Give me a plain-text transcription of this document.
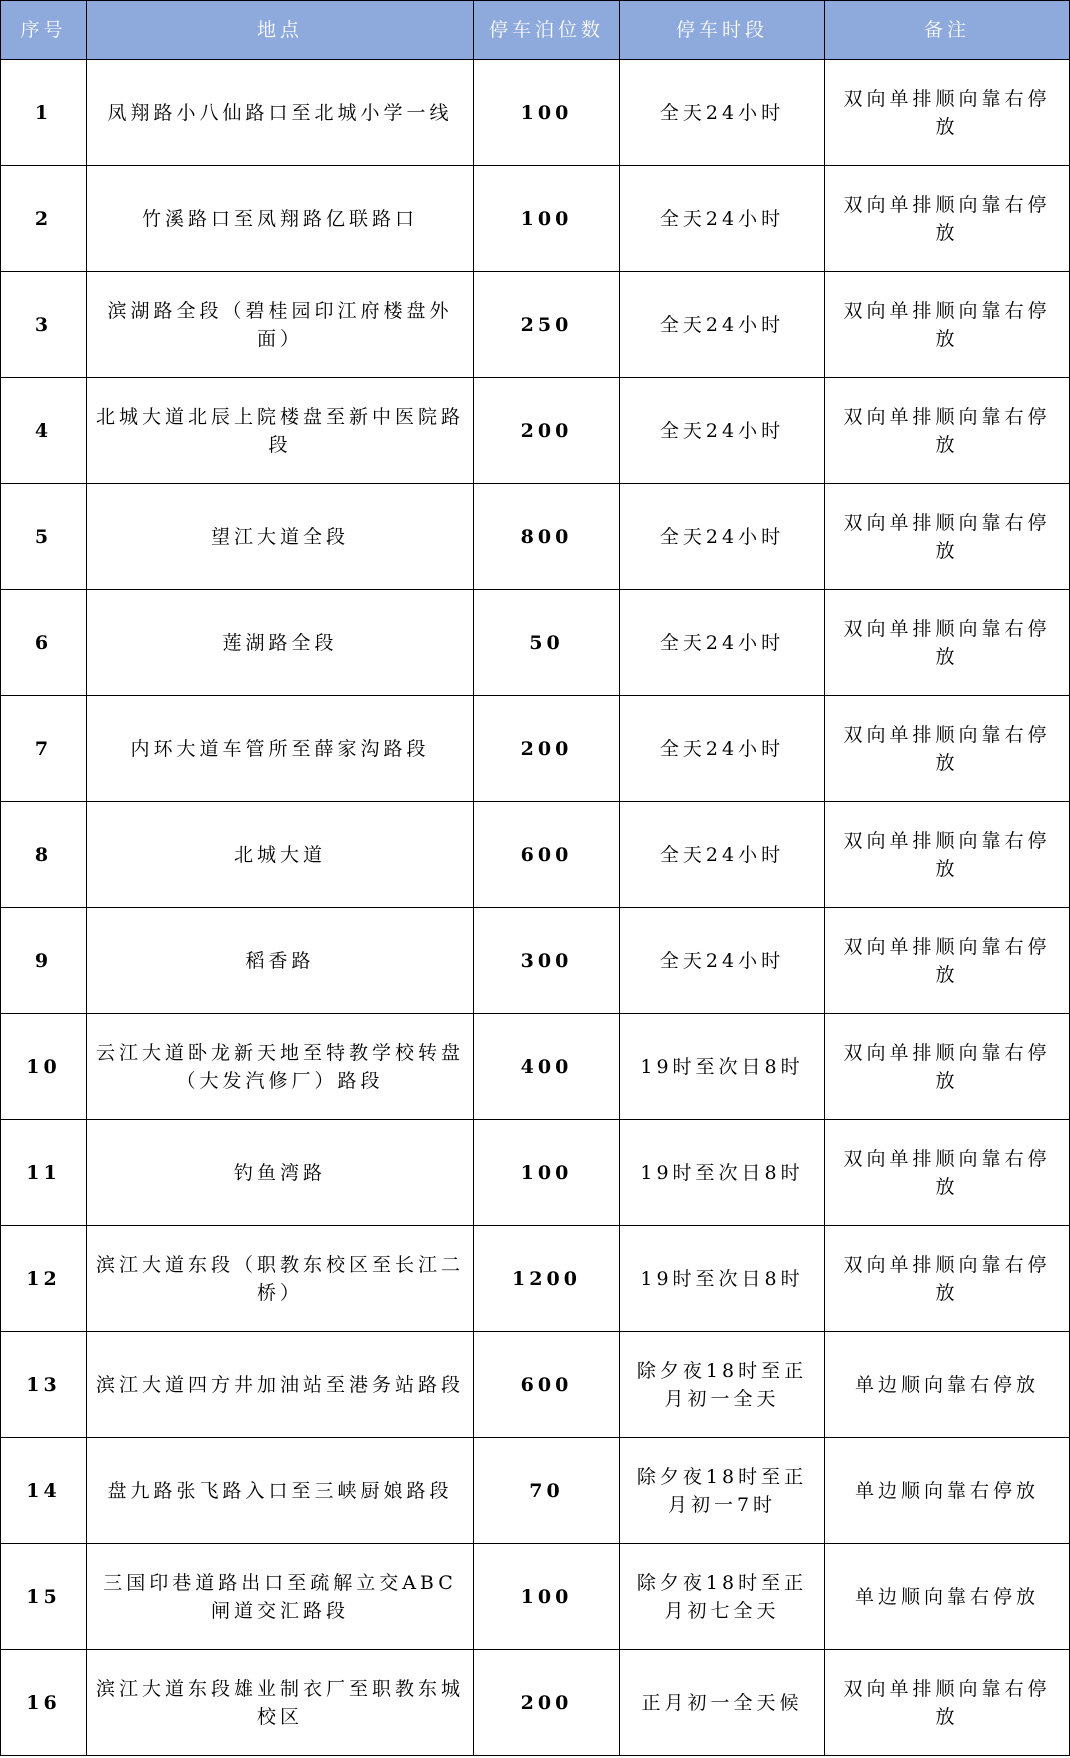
序号	地点	停车泊位数	停车时段	备注
1	凤翔路小八仙路口至北城小学一线	100	全天24小时	双向单排顺向靠右停放
2	竹溪路口至凤翔路亿联路口	100	全天24小时	双向单排顺向靠右停放
3	滨湖路全段（碧桂园印江府楼盘外面）	250	全天24小时	双向单排顺向靠右停放
4	北城大道北辰上院楼盘至新中医院路段	200	全天24小时	双向单排顺向靠右停放
5	望江大道全段	800	全天24小时	双向单排顺向靠右停放
6	莲湖路全段	50	全天24小时	双向单排顺向靠右停放
7	内环大道车管所至薛家沟路段	200	全天24小时	双向单排顺向靠右停放
8	北城大道	600	全天24小时	双向单排顺向靠右停放
9	稻香路	300	全天24小时	双向单排顺向靠右停放
10	云江大道卧龙新天地至特教学校转盘（大发汽修厂）路段	400	19时至次日8时	双向单排顺向靠右停放
11	钓鱼湾路	100	19时至次日8时	双向单排顺向靠右停放
12	滨江大道东段（职教东校区至长江二桥）	1200	19时至次日8时	双向单排顺向靠右停放
13	滨江大道四方井加油站至港务站路段	600	除夕夜18时至正月初一全天	单边顺向靠右停放
14	盘九路张飞路入口至三峡厨娘路段	70	除夕夜18时至正月初一7时	单边顺向靠右停放
15	三国印巷道路出口至疏解立交ABC闸道交汇路段	100	除夕夜18时至正月初七全天	单边顺向靠右停放
16	滨江大道东段雄业制衣厂至职教东城校区	200	正月初一全天候	双向单排顺向靠右停放
